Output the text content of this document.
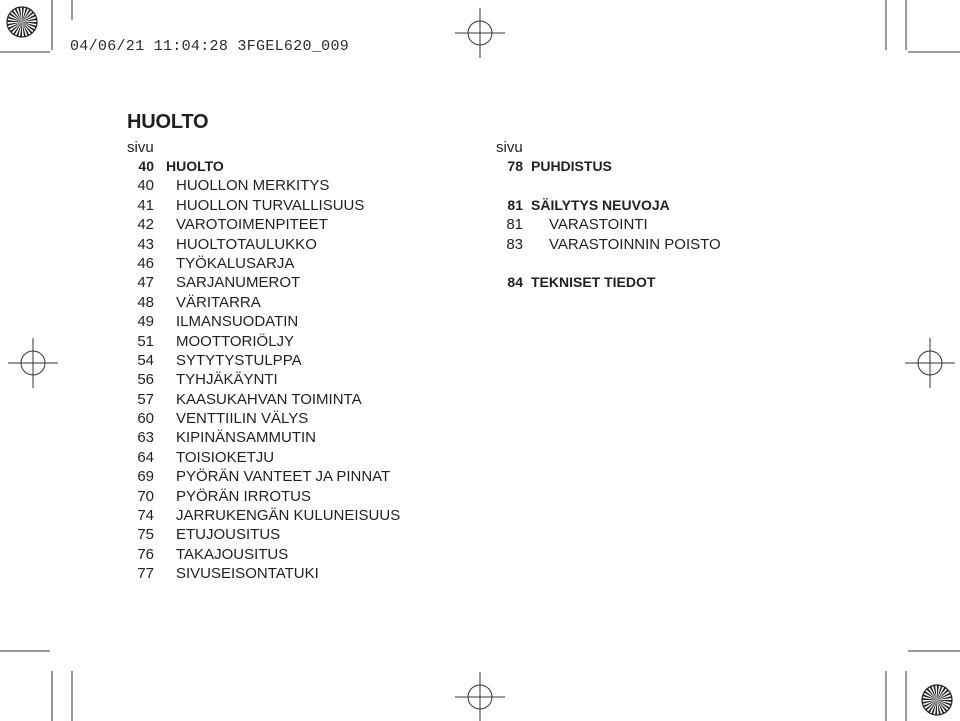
04/06/21 11:04:28 3FGEL620_009
HUOLTO
sivu
40 HUOLTO
40	HUOLLON MERKITYS
41	HUOLLON TURVALLISUUS
42	VAROTOIMENPITEET
43	HUOLTOTAULUKKO
46	TYÖKALUSARJA
47	SARJANUMEROT
48	VÄRITARRA
49	ILMANSUODATIN
51	MOOTTORIÖLJY
54	SYTYTYSTULPPA
56	TYHJÄKÄYNTI
57	KAASUKAHVAN TOIMINTA
60	VENTTIILIN VÄLYS
63	KIPINÄNSAMMUTIN
64	TOISIOKETJU
69	PYÖRÄN VANTEET JA PINNAT
70	PYÖRÄN IRROTUS
74	JARRUKENGÄN KULUNEISUUS
75	ETUJOUSITUS
76	TAKAJOUSITUS
77	SIVUSEISONTATUKI
sivu
78 PUHDISTUS
81 SÄILYTYS NEUVOJA
81	VARASTOINTI
83	VARASTOINNIN POISTO
84 TEKNISET TIEDOT
